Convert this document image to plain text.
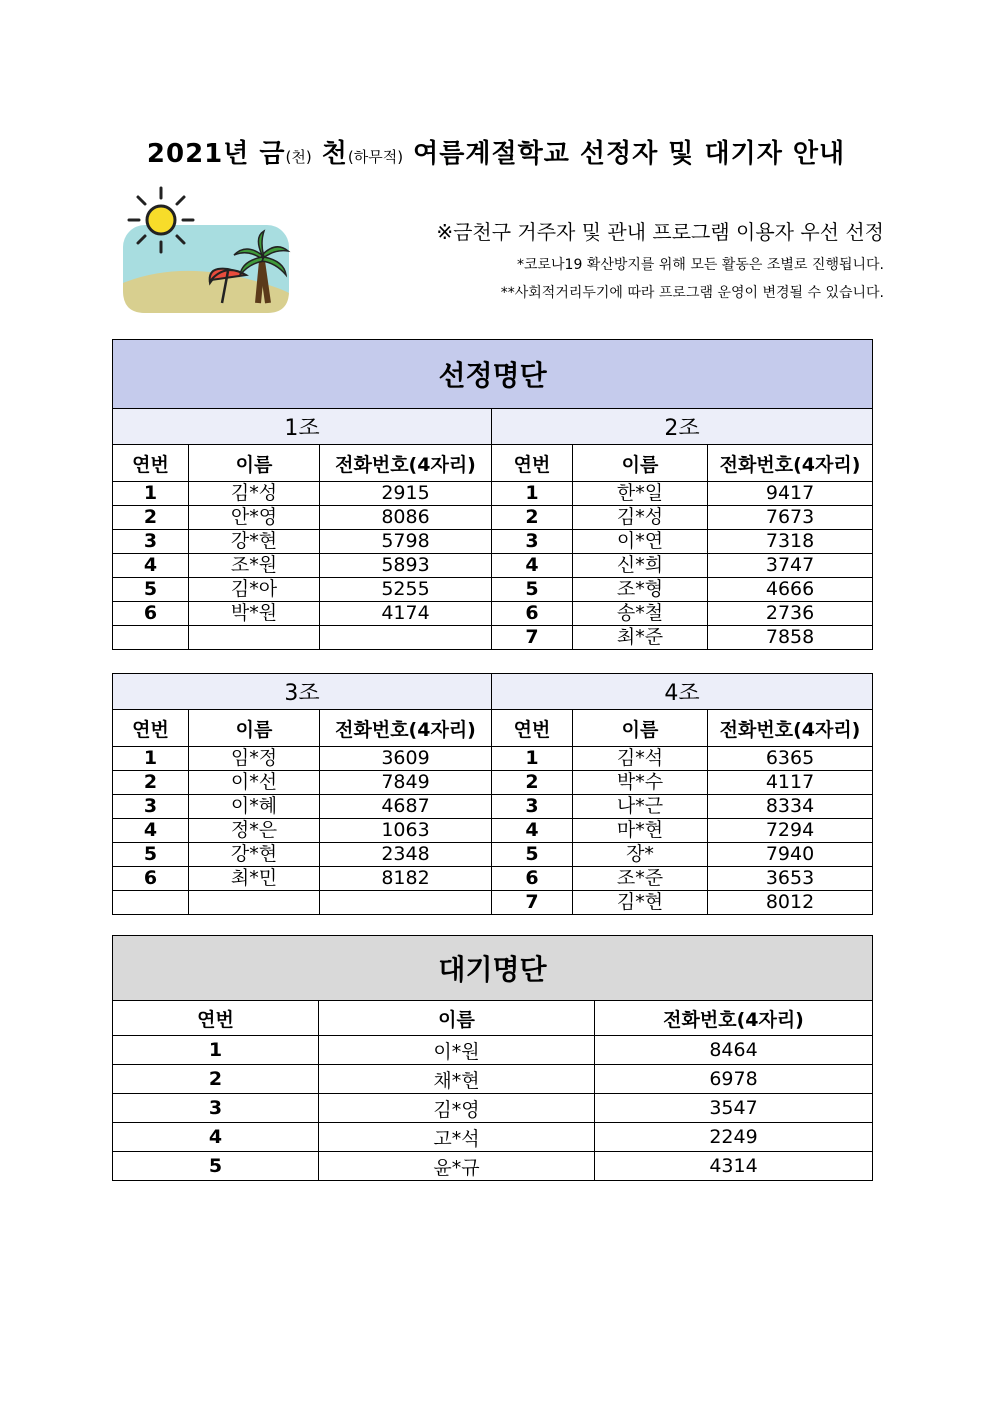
2021년 금(천) 천(하무적) 여름계절학교 선정자 및 대기자 안내
※금천구 거주자 및 관내 프로그램 이용자 우선 선정
*코로나19 확산방지를 위해 모든 활동은 조별로 진행됩니다.
**사회적거리두기에 따라 프로그램 운영이 변경될 수 있습니다.
선정명단					
1조			2조		
연번	이름	전화번호(4자리)	연번	이름	전화번호(4자리)
1	김*성	2915	1	한*일	9417
2	안*영	8086	2	김*성	7673
3	강*현	5798	3	이*연	7318
4	조*원	5893	4	신*희	3747
5	김*아	5255	5	조*형	4666
6	박*원	4174	6	송*철	2736
			7	최*준	7858
3조			4조		
연번	이름	전화번호(4자리)	연번	이름	전화번호(4자리)
1	임*정	3609	1	김*석	6365
2	이*선	7849	2	박*수	4117
3	이*혜	4687	3	나*근	8334
4	정*은	1063	4	마*현	7294
5	강*현	2348	5	장*	7940
6	최*민	8182	6	조*준	3653
			7	김*현	8012
대기명단		
연번	이름	전화번호(4자리)
1	이*원	8464
2	채*현	6978
3	김*영	3547
4	고*석	2249
5	윤*규	4314
